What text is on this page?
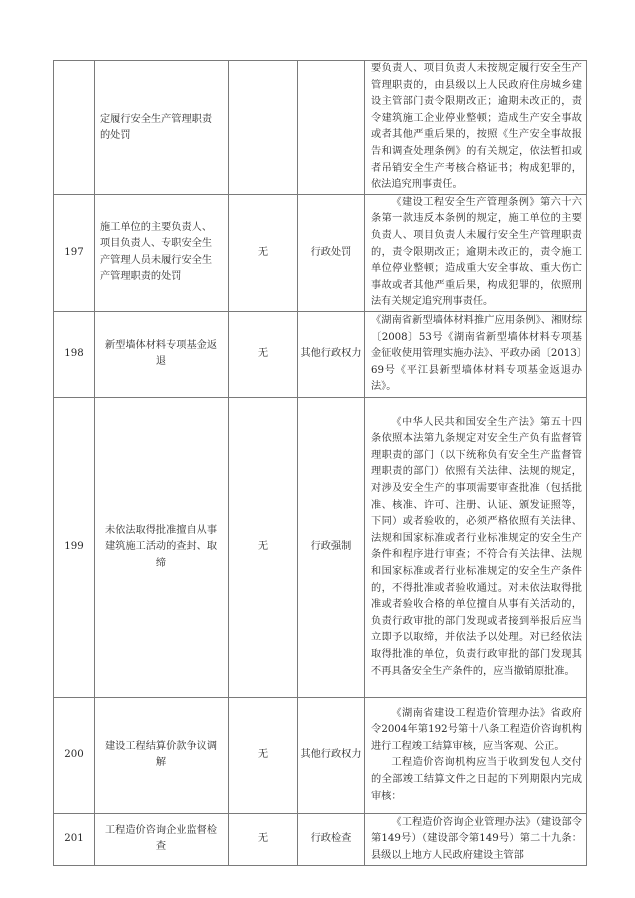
	定履行安全生产管理职责的处罚			要负责人、项目负责人未按规定履行安全生产管理职责的，由县级以上人民政府住房城乡建设主管部门责令限期改正；逾期未改正的，责令建筑施工企业停业整顿；造成生产安全事故或者其他严重后果的，按照《生产安全事故报告和调查处理条例》的有关规定，依法暂扣或者吊销安全生产考核合格证书；构成犯罪的，依法追究刑事责任。

197	施工单位的主要负责人、项目负责人、专职安全生产管理人员未履行安全生产管理职责的处罚	无	行政处罚	《建设工程安全生产管理条例》第六十六条第一款违反本条例的规定，施工单位的主要负责人、项目负责人未履行安全生产管理职责的，责令限期改正；逾期未改正的，责令施工单位停业整顿；造成重大安全事故、重大伤亡事故或者其他严重后果，构成犯罪的，依照刑法有关规定追究刑事责任。

198	新型墙体材料专项基金返退	无	其他行政权力	《湖南省新型墙体材料推广应用条例》、湘财综〔2008〕53号《湖南省新型墙体材料专项基金征收使用管理实施办法》、平政办函〔2013〕69号《平江县新型墙体材料专项基金返退办法》。

199	未依法取得批准擅自从事建筑施工活动的查封、取缔	无	行政强制	《中华人民共和国安全生产法》第五十四条依照本法第九条规定对安全生产负有监督管理职责的部门（以下统称负有安全生产监督管理职责的部门）依照有关法律、法规的规定，对涉及安全生产的事项需要审查批准（包括批准、核准、许可、注册、认证、颁发证照等，下同）或者验收的，必须严格依照有关法律、法规和国家标准或者行业标准规定的安全生产条件和程序进行审查；不符合有关法律、法规和国家标准或者行业标准规定的安全生产条件的，不得批准或者验收通过。对未依法取得批准或者验收合格的单位擅自从事有关活动的，负责行政审批的部门发现或者接到举报后应当立即予以取缔，并依法予以处理。对已经依法取得批准的单位，负责行政审批的部门发现其不再具备安全生产条件的，应当撤销原批准。

200	建设工程结算价款争议调解	无	其他行政权力	《湖南省建设工程造价管理办法》省政府令2004年第192号第十八条工程造价咨询机构进行工程竣工结算审核，应当客观、公正。
工程造价咨询机构应当于收到发包人交付的全部竣工结算文件之日起的下列期限内完成审核：

201	工程造价咨询企业监督检查	无	行政检查	《工程造价咨询企业管理办法》（建设部令第149号）（建设部令第149号）第二十九条：县级以上地方人民政府建设主管部
